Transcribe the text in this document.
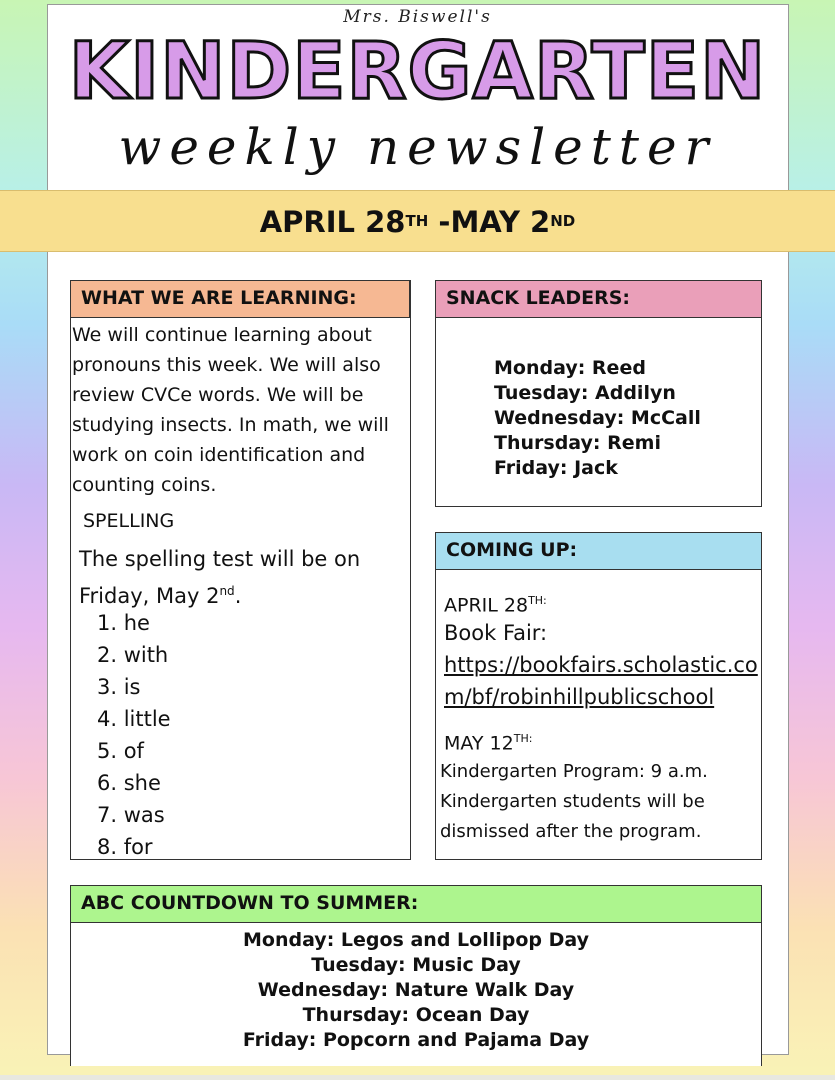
Mrs. Biswell's
KINDERGARTEN
weekly newsletter
APRIL 28TH -MAY 2ND
WHAT WE ARE LEARNING:
We will continue learning about pronouns this week. We will also review CVCe words. We will be studying insects. In math, we will work on coin identification and counting coins.
SPELLING
The spelling test will be on Friday, May 2nd.
1. he
2. with
3. is
4. little
5. of
6. she
7. was
8. for
SNACK LEADERS:
Monday: Reed
Tuesday: Addilyn
Wednesday: McCall
Thursday: Remi
Friday: Jack
COMING UP:
APRIL $28^{TH:}$
Book Fair:
https://bookfairs.scholastic.com/bf/robinhillpublicschool
MAY $12^{TH:}$
Kindergarten Program: 9 a.m. Kindergarten students will be dismissed after the program.
ABC COUNTDOWN TO SUMMER:
Monday: Legos and Lollipop Day
Tuesday: Music Day
Wednesday: Nature Walk Day
Thursday: Ocean Day
Friday: Popcorn and Pajama Day
